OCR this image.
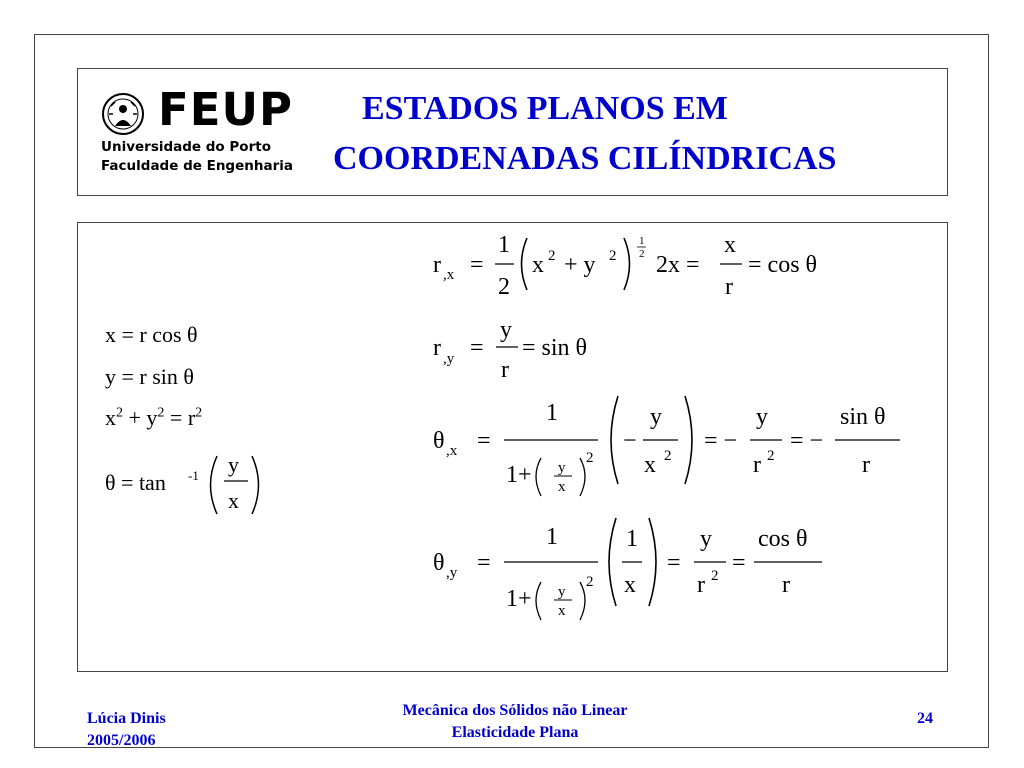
FEUP
Universidade do Porto
Faculdade de Engenharia
ESTADOS PLANOS EM
COORDENADAS CILÍNDRICAS
x = r cos θ
y = r sin θ
$x^2 + y^2 = r^2$
θ = tan -1 y
x
r ,x =
1
2
x 2 + y 2
1
2 2x =
x
r
= cos θ
r ,y =
y
r
= sin θ
θ ,x =
1
1+ y
x
2
−
y
x 2
= −
y
r 2
= −
sin θ
r
θ ,y =
1
1+ y
x
2
1
x
=
y
r 2 =
cos θ
r
Lúcia Dinis
2005/2006
Mecânica dos Sólidos não Linear
Elasticidade Plana
24
